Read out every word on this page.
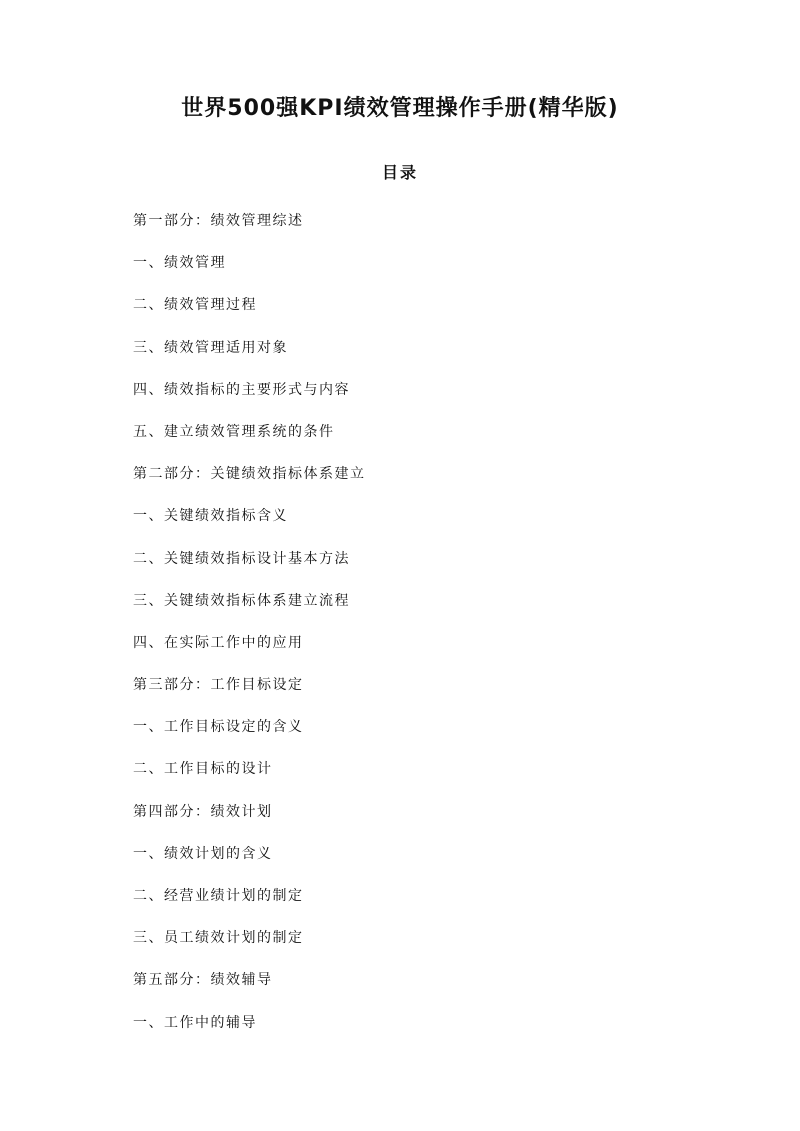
世界500强KPI绩效管理操作手册(精华版)
目录
第一部分：绩效管理综述
一、绩效管理
二、绩效管理过程
三、绩效管理适用对象
四、绩效指标的主要形式与内容
五、建立绩效管理系统的条件
第二部分：关键绩效指标体系建立
一、关键绩效指标含义
二、关键绩效指标设计基本方法
三、关键绩效指标体系建立流程
四、在实际工作中的应用
第三部分：工作目标设定
一、工作目标设定的含义
二、工作目标的设计
第四部分：绩效计划
一、绩效计划的含义
二、经营业绩计划的制定
三、员工绩效计划的制定
第五部分：绩效辅导
一、工作中的辅导
